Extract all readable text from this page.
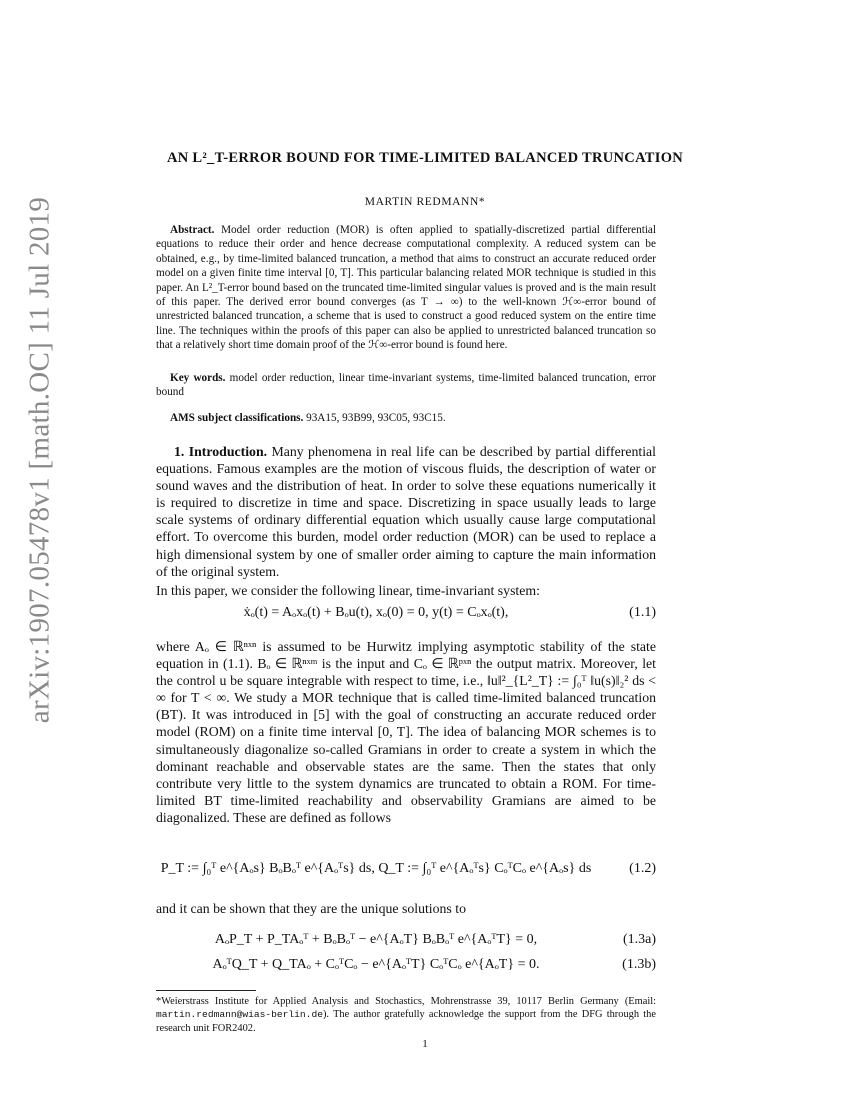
arXiv:1907.05478v1 [math.OC] 11 Jul 2019
AN L²_T-ERROR BOUND FOR TIME-LIMITED BALANCED TRUNCATION
MARTIN REDMANN*
Abstract. Model order reduction (MOR) is often applied to spatially-discretized partial differential equations to reduce their order and hence decrease computational complexity. A reduced system can be obtained, e.g., by time-limited balanced truncation, a method that aims to construct an accurate reduced order model on a given finite time interval [0, T]. This particular balancing related MOR technique is studied in this paper. An L²_T-error bound based on the truncated time-limited singular values is proved and is the main result of this paper. The derived error bound converges (as T → ∞) to the well-known ℋ∞-error bound of unrestricted balanced truncation, a scheme that is used to construct a good reduced system on the entire time line. The techniques within the proofs of this paper can also be applied to unrestricted balanced truncation so that a relatively short time domain proof of the ℋ∞-error bound is found here.
Key words. model order reduction, linear time-invariant systems, time-limited balanced truncation, error bound
AMS subject classifications. 93A15, 93B99, 93C05, 93C15.
1. Introduction. Many phenomena in real life can be described by partial differential equations. Famous examples are the motion of viscous fluids, the description of water or sound waves and the distribution of heat. In order to solve these equations numerically it is required to discretize in time and space. Discretizing in space usually leads to large scale systems of ordinary differential equation which usually cause large computational effort. To overcome this burden, model order reduction (MOR) can be used to replace a high dimensional system by one of smaller order aiming to capture the main information of the original system.
In this paper, we consider the following linear, time-invariant system:
ẋₒ(t) = Aₒxₒ(t) + Bₒu(t), xₒ(0) = 0, y(t) = Cₒxₒ(t),	(1.1)
where Aₒ ∈ ℝⁿˣⁿ is assumed to be Hurwitz implying asymptotic stability of the state equation in (1.1). Bₒ ∈ ℝⁿˣᵐ is the input and Cₒ ∈ ℝᵖˣⁿ the output matrix. Moreover, let the control u be square integrable with respect to time, i.e., ‖u‖²_{L²_T} := ∫₀ᵀ ‖u(s)‖₂² ds < ∞ for T < ∞. We study a MOR technique that is called time-limited balanced truncation (BT). It was introduced in [5] with the goal of constructing an accurate reduced order model (ROM) on a finite time interval [0, T]. The idea of balancing MOR schemes is to simultaneously diagonalize so-called Gramians in order to create a system in which the dominant reachable and observable states are the same. Then the states that only contribute very little to the system dynamics are truncated to obtain a ROM. For time-limited BT time-limited reachability and observability Gramians are aimed to be diagonalized. These are defined as follows
P_T := ∫₀ᵀ e^{Aₒs} BₒBₒᵀ e^{Aₒᵀs} ds, Q_T := ∫₀ᵀ e^{Aₒᵀs} CₒᵀCₒ e^{Aₒs} ds	(1.2)
and it can be shown that they are the unique solutions to
AₒP_T + P_TAₒᵀ + BₒBₒᵀ − e^{AₒT} BₒBₒᵀ e^{AₒᵀT} = 0,	(1.3a)
AₒᵀQ_T + Q_TAₒ + CₒᵀCₒ − e^{AₒᵀT} CₒᵀCₒ e^{AₒT} = 0.	(1.3b)
*Weierstrass Institute for Applied Analysis and Stochastics, Mohrenstrasse 39, 10117 Berlin Germany (Email: martin.redmann@wias-berlin.de). The author gratefully acknowledge the support from the DFG through the research unit FOR2402.
1
